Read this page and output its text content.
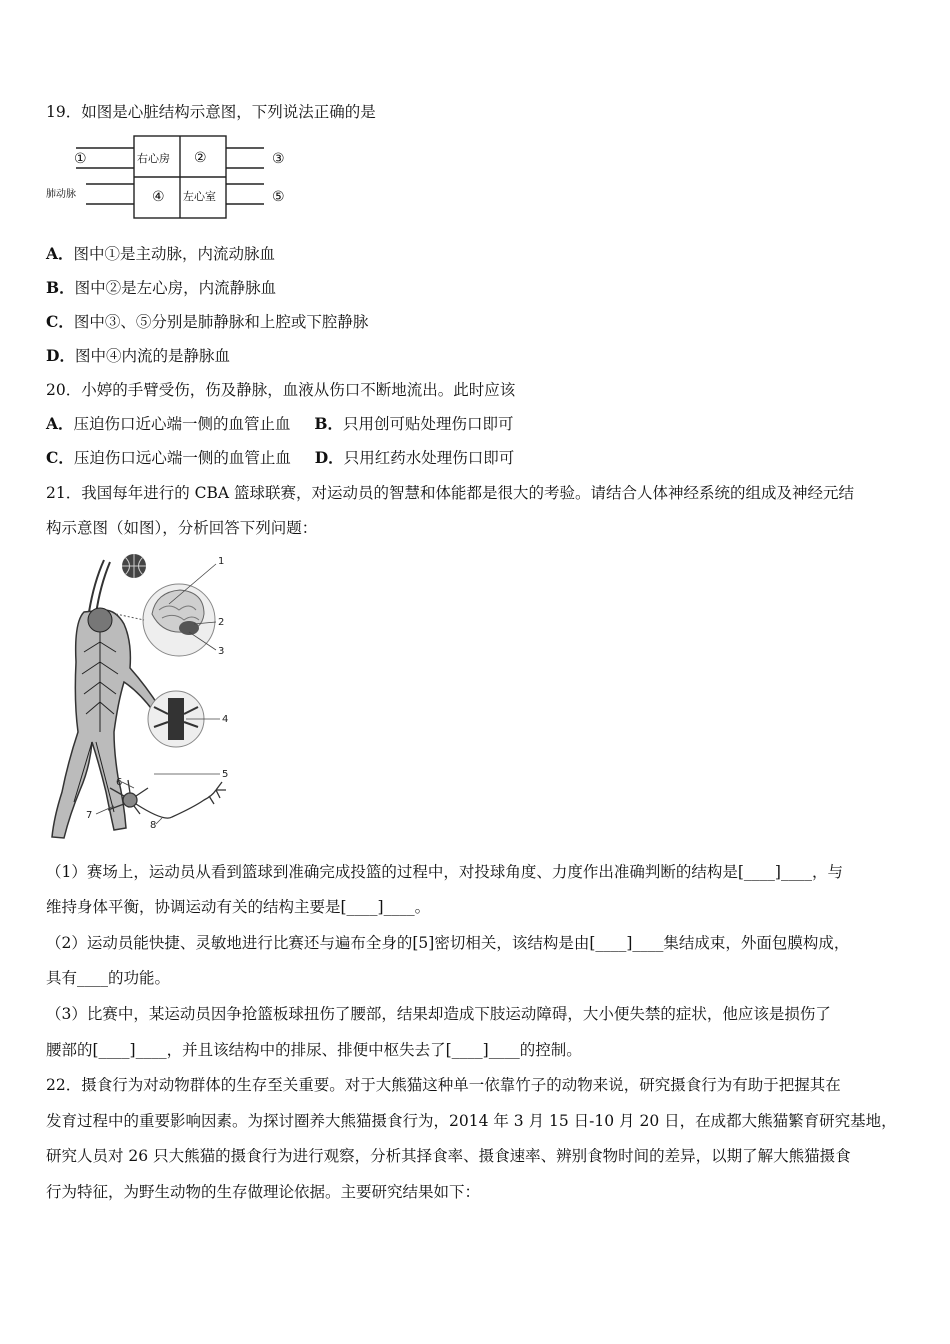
19．如图是心脏结构示意图，下列说法正确的是
①	右心房 ②	③
肺动脉	④ 左心室	⑤
A．图中①是主动脉，内流动脉血
B．图中②是左心房，内流静脉血
C．图中③、⑤分别是肺静脉和上腔或下腔静脉
D．图中④内流的是静脉血
20．小婷的手臂受伤，伤及静脉，血液从伤口不断地流出。此时应该
A．压迫伤口近心端一侧的血管止血 B．只用创可贴处理伤口即可
C．压迫伤口远心端一侧的血管止血 D．只用红药水处理伤口即可
21．我国每年进行的 CBA 篮球联赛，对运动员的智慧和体能都是很大的考验。请结合人体神经系统的组成及神经元结
构示意图（如图），分析回答下列问题：
1
2
3
4
5
6
7
8
（1）赛场上，运动员从看到篮球到准确完成投篮的过程中，对投球角度、力度作出准确判断的结构是[____]____，与
维持身体平衡，协调运动有关的结构主要是[____]____。
（2）运动员能快捷、灵敏地进行比赛还与遍布全身的[5]密切相关，该结构是由[____]____集结成束，外面包膜构成，
具有____的功能。
（3）比赛中，某运动员因争抢篮板球扭伤了腰部，结果却造成下肢运动障碍，大小便失禁的症状，他应该是损伤了
腰部的[____]____，并且该结构中的排尿、排便中枢失去了[____]____的控制。
22．摄食行为对动物群体的生存至关重要。对于大熊猫这种单一依靠竹子的动物来说，研究摄食行为有助于把握其在
发育过程中的重要影响因素。为探讨圈养大熊猫摄食行为，2014 年 3 月 15 日-10 月 20 日，在成都大熊猫繁育研究基地，
研究人员对 26 只大熊猫的摄食行为进行观察，分析其择食率、摄食速率、辨别食物时间的差异，以期了解大熊猫摄食
行为特征，为野生动物的生存做理论依据。主要研究结果如下：
